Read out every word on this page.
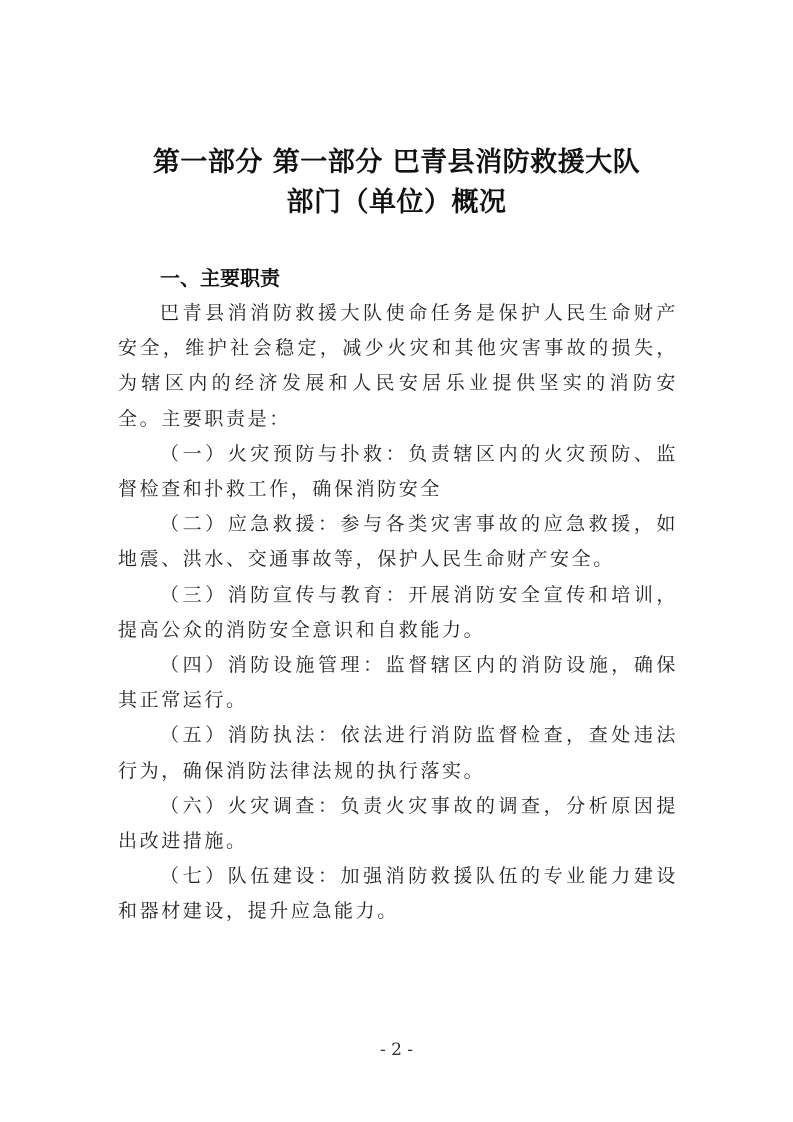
第一部分 第一部分 巴青县消防救援大队
部门（单位）概况
一、主要职责

巴青县消消防救援大队使命任务是保护人民生命财产安全，维护社会稳定，减少火灾和其他灾害事故的损失，为辖区内的经济发展和人民安居乐业提供坚实的消防安全。主要职责是：

（一）火灾预防与扑救：负责辖区内的火灾预防、监督检查和扑救工作，确保消防安全

（二）应急救援：参与各类灾害事故的应急救援，如地震、洪水、交通事故等，保护人民生命财产安全。

（三）消防宣传与教育：开展消防安全宣传和培训，提高公众的消防安全意识和自救能力。

（四）消防设施管理：监督辖区内的消防设施，确保其正常运行。

（五）消防执法：依法进行消防监督检查，查处违法行为，确保消防法律法规的执行落实。

（六）火灾调查：负责火灾事故的调查，分析原因提出改进措施。

（七）队伍建设：加强消防救援队伍的专业能力建设和器材建设，提升应急能力。

- 2 -
